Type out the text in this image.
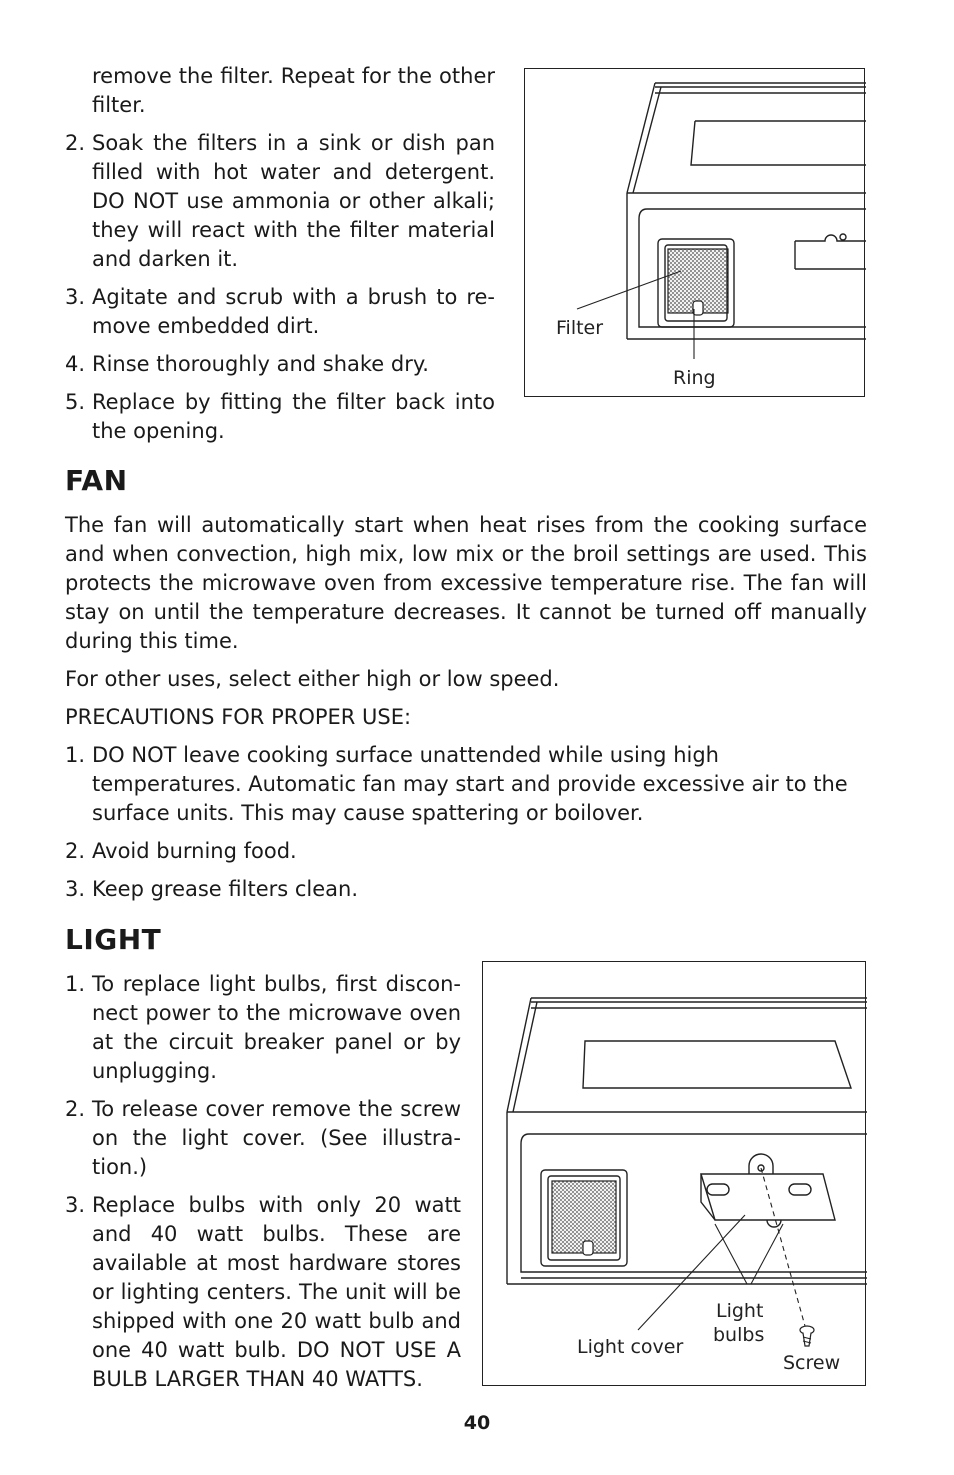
remove the filter. Repeat for the other filter.

2. Soak the filters in a sink or dish pan filled with hot water and detergent. DO NOT use ammonia or other alkali; they will react with the filter material and darken it.
3. Agitate and scrub with a brush to re-move embedded dirt.
4. Rinse thoroughly and shake dry.
5. Replace by fitting the filter back into the opening.
Filter
Ring
FAN

The fan will automatically start when heat rises from the cooking surface and when convection, high mix, low mix or the broil settings are used. This protects the microwave oven from excessive temperature rise. The fan will stay on until the temperature decreases. It cannot be turned off manually during this time.

For other uses, select either high or low speed.

PRECAUTIONS FOR PROPER USE:

1. DO NOT leave cooking surface unattended while using high temperatures. Automatic fan may start and provide excessive air to the surface units. This may cause spattering or boilover.
2. Avoid burning food.
3. Keep grease filters clean.
LIGHT
1. To replace light bulbs, first discon-nect power to the microwave oven at the circuit breaker panel or by unplugging.
2. To release cover remove the screw on the light cover. (See illustra-tion.)
3. Replace bulbs with only 20 watt and 40 watt bulbs. These are available at most hardware stores or lighting centers. The unit will be shipped with one 20 watt bulb and one 40 watt bulb. DO NOT USE A BULB LARGER THAN 40 WATTS.
Light cover
Light
bulbs
Screw
40
